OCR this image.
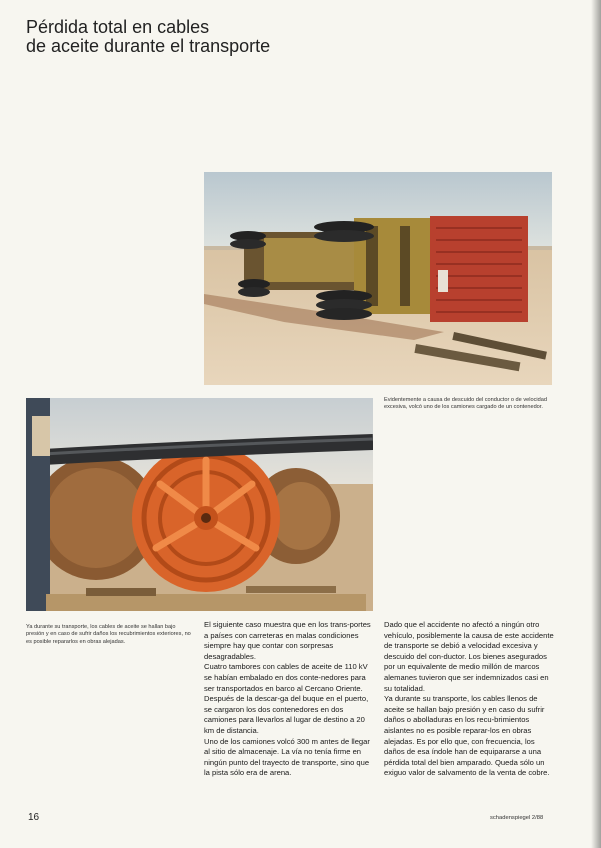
Pérdida total en cables
de aceite durante el transporte
Evidentemente a causa de descuido del conductor o de velocidad excesiva, volcó uno de los camiones cargado de un contenedor.
Ya durante su transporte, los cables de aceite se hallan bajo presión y en caso de sufrir daños los recubrimientos exteriores, no es posible repararlos en obras alejadas.

El siguiente caso muestra que en los trans-portes a países con carreteras en malas condiciones siempre hay que contar con sorpresas desagradables.

Cuatro tambores con cables de aceite de 110 kV se habían embalado en dos conte-nedores para ser transportados en barco al Cercano Oriente. Después de la descar-ga del buque en el puerto, se cargaron los dos contenedores en dos camiones para llevarlos al lugar de destino a 20 km de distancia.

Uno de los camiones volcó 300 m antes de llegar al sitio de almacenaje. La vía no tenía firme en ningún punto del trayecto de transporte, sino que la pista sólo era de arena.

Dado que el accidente no afectó a ningún otro vehículo, posiblemente la causa de este accidente de transporte se debió a velocidad excesiva y descuido del con-ductor. Los bienes asegurados por un equivalente de medio millón de marcos alemanes tuvieron que ser indemnizados casi en su totalidad.

Ya durante su transporte, los cables llenos de aceite se hallan bajo presión y en caso du sufrir daños o abolladuras en los recu-brimientos aislantes no es posible reparar-los en obras alejadas. Es por ello que, con frecuencia, los daños de esa índole han de equipararse a una pérdida total del bien amparado. Queda sólo un exiguo valor de salvamento de la venta de cobre.

16	schadenspiegel 2/88
